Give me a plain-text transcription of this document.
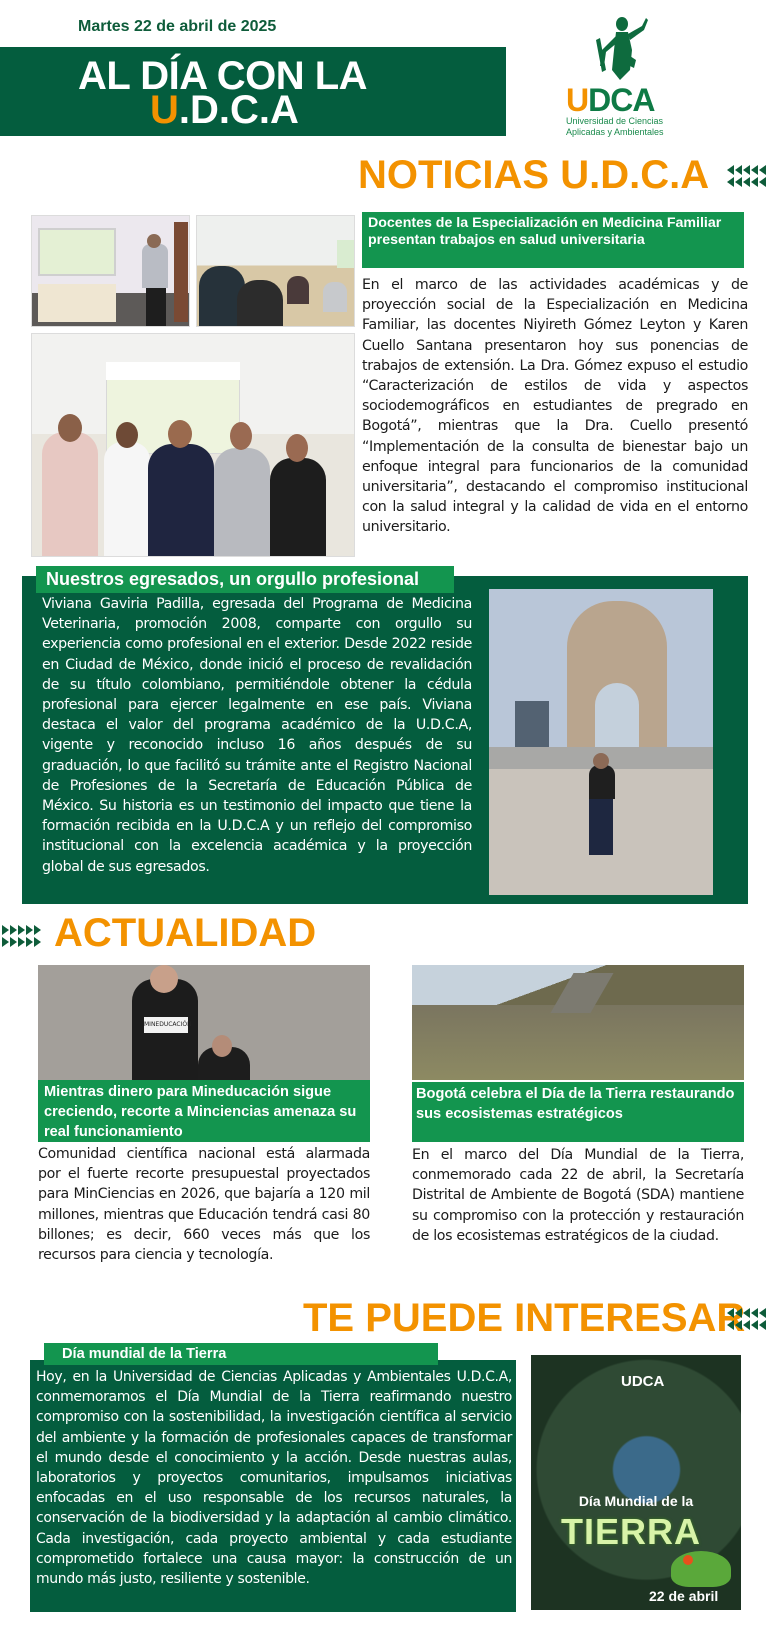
Martes 22 de abril de 2025
AL DÍA CON LA
U.D.C.A	UDCA
Universidad de Ciencias
Aplicadas y Ambientales
NOTICIAS U.D.C.A
Docentes de la Especialización en Medicina Familiar presentan trabajos en salud universitaria
En el marco de las actividades académicas y de proyección social de la Especialización en Medicina Familiar, las docentes Niyireth Gómez Leyton y Karen Cuello Santana presentaron hoy sus ponencias de trabajos de extensión. La Dra. Gómez expuso el estudio “Caracterización de estilos de vida y aspectos sociodemográficos en estudiantes de pregrado en Bogotá”, mientras que la Dra. Cuello presentó “Implementación de la consulta de bienestar bajo un enfoque integral para funcionarios de la comunidad universitaria”, destacando el compromiso institucional con la salud integral y la calidad de vida en el entorno universitario.
Nuestros egresados, un orgullo profesional
Viviana Gaviria Padilla, egresada del Programa de Medicina Veterinaria, promoción 2008, comparte con orgullo su experiencia como profesional en el exterior. Desde 2022 reside en Ciudad de México, donde inició el proceso de revalidación de su título colombiano, permitiéndole obtener la cédula profesional para ejercer legalmente en ese país. Viviana destaca el valor del programa académico de la U.D.C.A, vigente y reconocido incluso 16 años después de su graduación, lo que facilitó su trámite ante el Registro Nacional de Profesiones de la Secretaría de Educación Pública de México. Su historia es un testimonio del impacto que tiene la formación recibida en la U.D.C.A y un reflejo del compromiso institucional con la excelencia académica y la proyección global de sus egresados.
ACTUALIDAD
MINEDUCACIÓN
Mientras dinero para Mineducación sigue creciendo, recorte a Minciencias amenaza su real funcionamiento
Comunidad científica nacional está alarmada por el fuerte recorte presupuestal proyectados para MinCiencias en 2026, que bajaría a 120 mil millones, mientras que Educación tendrá casi 80 billones; es decir, 660 veces más que los recursos para ciencia y tecnología.
Bogotá celebra el Día de la Tierra restaurando sus ecosistemas estratégicos
En el marco del Día Mundial de la Tierra, conmemorado cada 22 de abril, la Secretaría Distrital de Ambiente de Bogotá (SDA) mantiene su compromiso con la protección y restauración de los ecosistemas estratégicos de la ciudad.
TE PUEDE INTERESAR
Día mundial de la Tierra
Hoy, en la Universidad de Ciencias Aplicadas y Ambientales U.D.C.A, conmemoramos el Día Mundial de la Tierra reafirmando nuestro compromiso con la sostenibilidad, la investigación científica al servicio del ambiente y la formación de profesionales capaces de transformar el mundo desde el conocimiento y la acción. Desde nuestras aulas, laboratorios y proyectos comunitarios, impulsamos iniciativas enfocadas en el uso responsable de los recursos naturales, la conservación de la biodiversidad y la adaptación al cambio climático. Cada investigación, cada proyecto ambiental y cada estudiante comprometido fortalece una causa mayor: la construcción de un mundo más justo, resiliente y sostenible.
UDCA
Día Mundial de la
TIERRA
22 de abril
